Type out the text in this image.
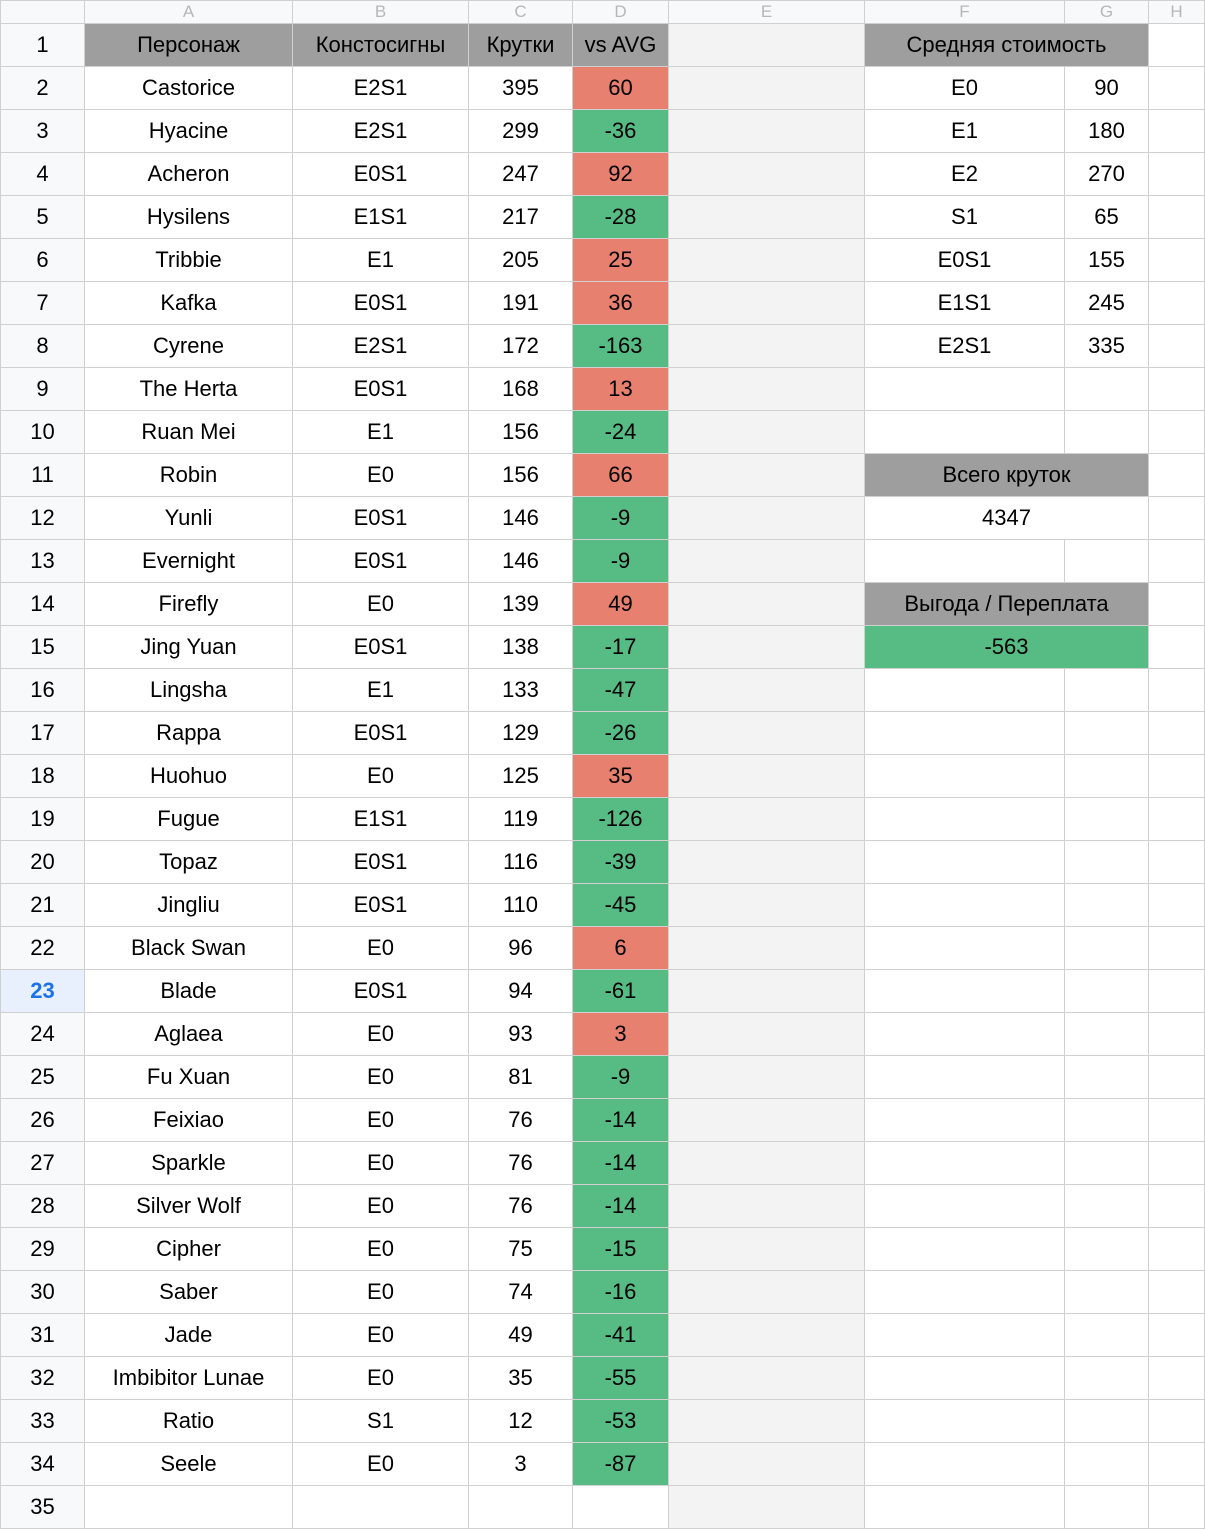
	A	B	C	D	E	F	G	H
1	Персонаж	Констосигны	Крутки	vs AVG		Средняя стоимость		
2	Castorice	E2S1	395	60		E0	90	
3	Hyacine	E2S1	299	-36		E1	180	
4	Acheron	E0S1	247	92		E2	270	
5	Hysilens	E1S1	217	-28		S1	65	
6	Tribbie	E1	205	25		E0S1	155	
7	Kafka	E0S1	191	36		E1S1	245	
8	Cyrene	E2S1	172	-163		E2S1	335	
9	The Herta	E0S1	168	13				
10	Ruan Mei	E1	156	-24				
11	Robin	E0	156	66		Всего круток		
12	Yunli	E0S1	146	-9		4347		
13	Evernight	E0S1	146	-9				
14	Firefly	E0	139	49		Выгода / Переплата		
15	Jing Yuan	E0S1	138	-17		-563		
16	Lingsha	E1	133	-47				
17	Rappa	E0S1	129	-26				
18	Huohuo	E0	125	35				
19	Fugue	E1S1	119	-126				
20	Topaz	E0S1	116	-39				
21	Jingliu	E0S1	110	-45				
22	Black Swan	E0	96	6				
23	Blade	E0S1	94	-61				
24	Aglaea	E0	93	3				
25	Fu Xuan	E0	81	-9				
26	Feixiao	E0	76	-14				
27	Sparkle	E0	76	-14				
28	Silver Wolf	E0	76	-14				
29	Cipher	E0	75	-15				
30	Saber	E0	74	-16				
31	Jade	E0	49	-41				
32	Imbibitor Lunae	E0	35	-55				
33	Ratio	S1	12	-53				
34	Seele	E0	3	-87				
35								
